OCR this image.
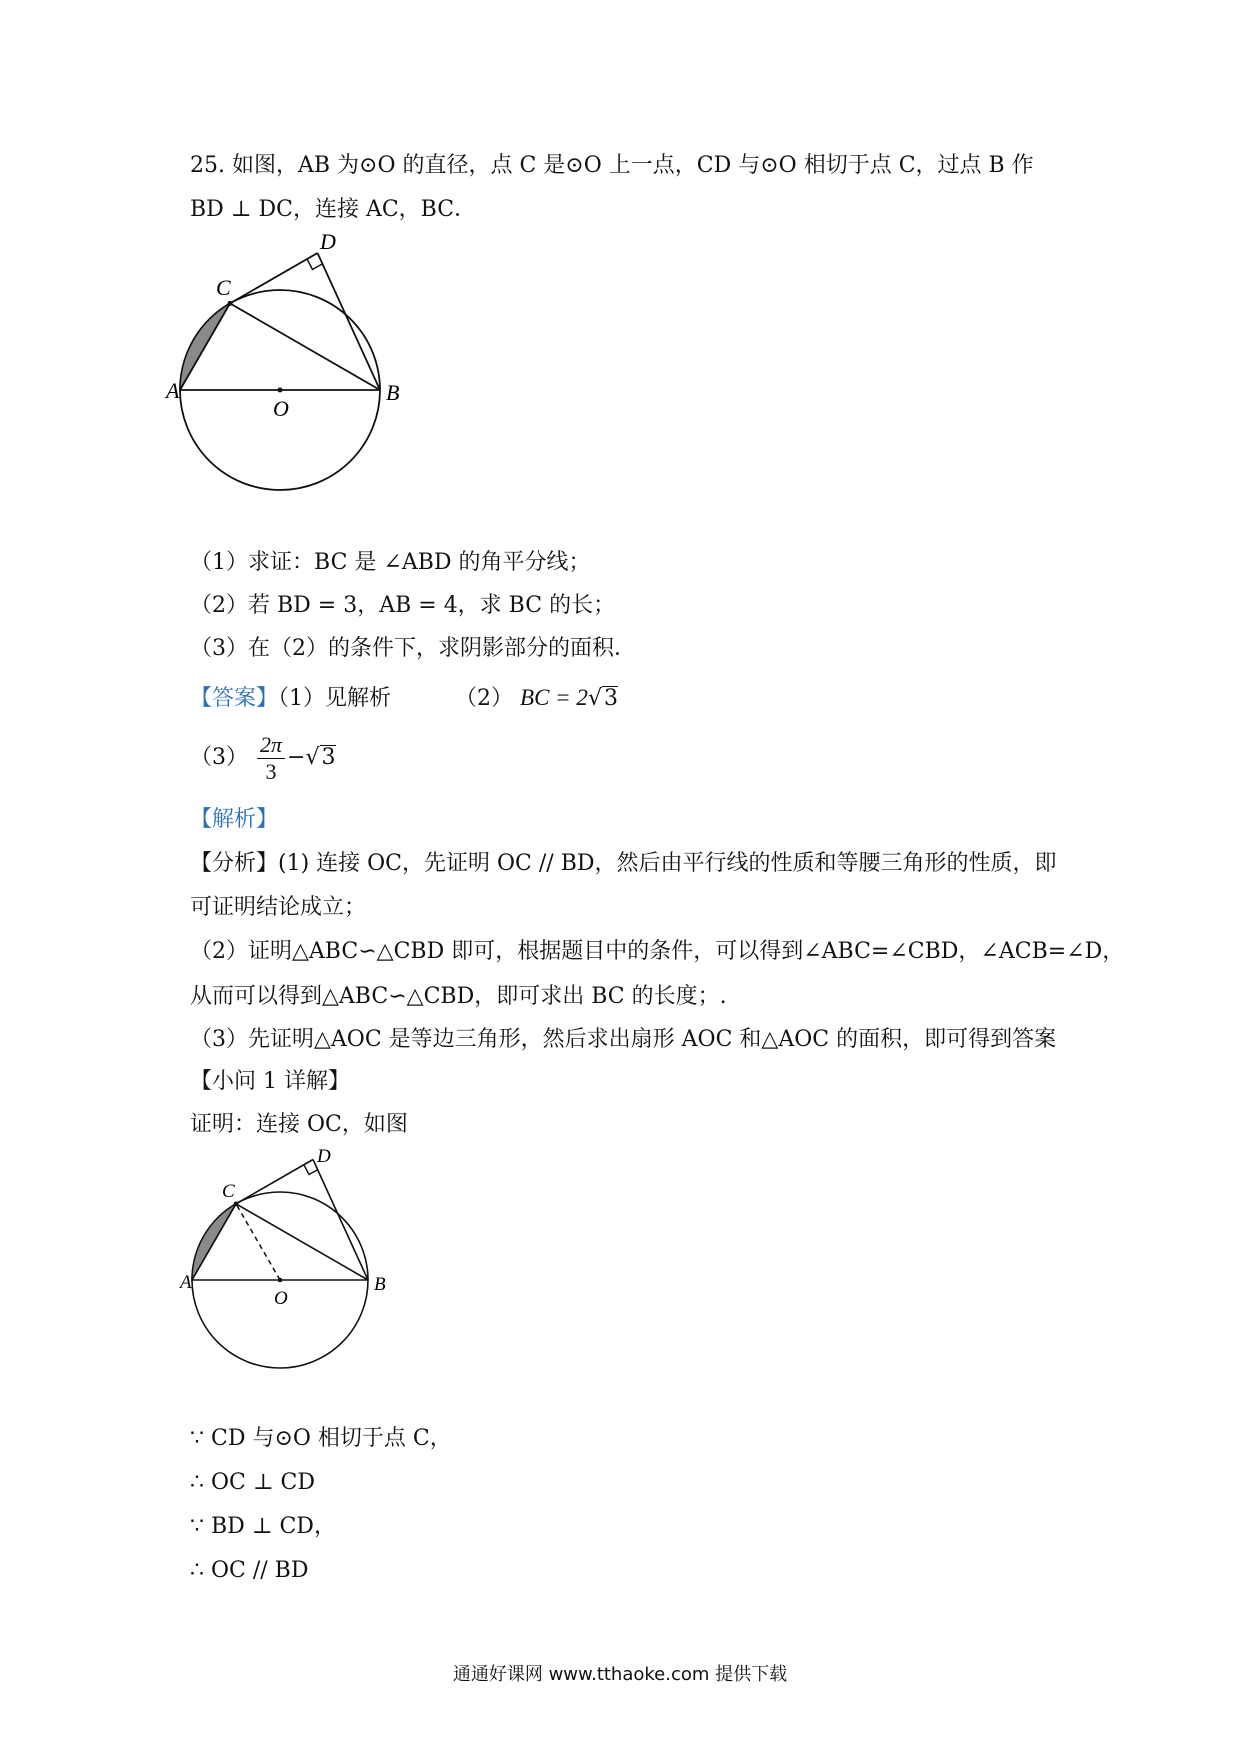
25. 如图，AB 为⊙O 的直径，点 C 是⊙O 上一点，CD 与⊙O 相切于点 C，过点 B 作
BD ⊥ DC，连接 AC，BC．
A	B
C
D
O
（1）求证：BC 是 ∠ABD 的角平分线；
（2）若 BD = 3，AB = 4，求 BC 的长；
（3）在（2）的条件下，求阴影部分的面积．
【答案】（1）见解析	（2） BC = 2√3
$(3) \frac{2\pi}{3} -√3$
【解析】
【分析】(1) 连接 OC，先证明 OC // BD，然后由平行线的性质和等腰三角形的性质，即
可证明结论成立；
（2）证明△ABC∽△CBD 即可，根据题目中的条件，可以得到∠ABC=∠CBD，∠ACB=∠D，
从而可以得到△ABC∽△CBD，即可求出 BC 的长度；.
（3）先证明△AOC 是等边三角形，然后求出扇形 AOC 和△AOC 的面积，即可得到答案
【小问 1 详解】
证明：连接 OC，如图
A	B
C
D
O
∵ CD 与⊙O 相切于点 C，
∴ OC ⊥ CD
∵ BD ⊥ CD，
∴ OC // BD
通通好课网 www.tthaoke.com 提供下载
